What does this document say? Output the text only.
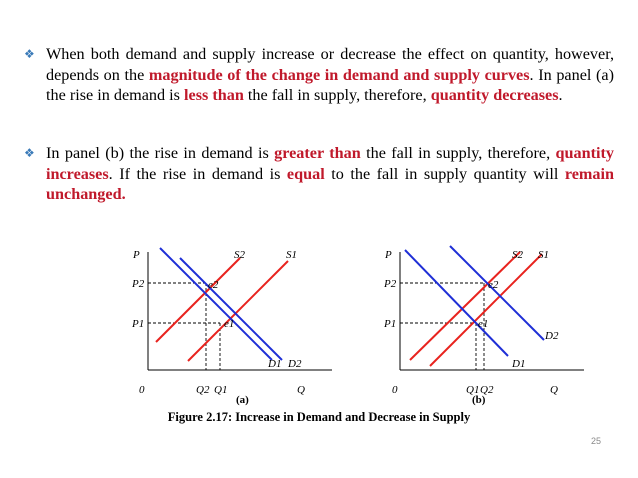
❖ When both demand and supply increase or decrease the effect on quantity, however, depends on the magnitude of the change in demand and supply curves. In panel (a) the rise in demand is less than the fall in supply, therefore, quantity decreases.
❖ In panel (b) the rise in demand is greater than the fall in supply, therefore, quantity increases. If the rise in demand is equal to the fall in supply quantity will remain unchanged.
P
P2
P1
0	Q2 Q1	Q
S2	S1
D1 D2
e2
e1
(a)
P
P2
P1
0	Q1 Q2	Q
S2 S1
D1
D2
e2
e1
(b)
Figure 2.17: Increase in Demand and Decrease in Supply
25
